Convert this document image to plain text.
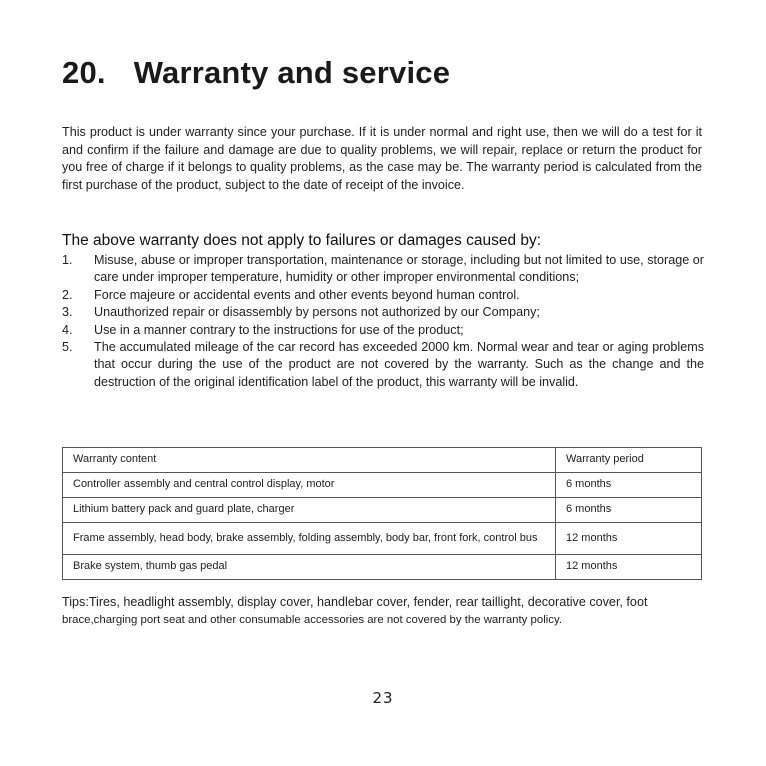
20. Warranty and service

This product is under warranty since your purchase. If it is under normal and right use, then we will do a test for it and confirm if the failure and damage are due to quality problems, we will repair, replace or return the product for you free of charge if it belongs to quality problems, as the case may be. The warranty period is calculated from the first purchase of the product, subject to the date of receipt of the invoice.

The above warranty does not apply to failures or damages caused by:

1. Misuse, abuse or improper transportation, maintenance or storage, including but not limited to use, storage or care under improper temperature, humidity or other improper environmental conditions;
2. Force majeure or accidental events and other events beyond human control.
3. Unauthorized repair or disassembly by persons not authorized by our Company;
4. Use in a manner contrary to the instructions for use of the product;
5. The accumulated mileage of the car record has exceeded 2000 km. Normal wear and tear or aging problems that occur during the use of the product are not covered by the warranty. Such as the change and the destruction of the original identification label of the product, this warranty will be invalid.
Warranty content	Warranty period
Controller assembly and central control display, motor	6 months
Lithium battery pack and guard plate, charger	6 months
Frame assembly, head body, brake assembly, folding assembly, body bar, front fork, control bus	12 months
Brake system, thumb gas pedal	12 months

Tips:Tires, headlight assembly, display cover, handlebar cover, fender, rear taillight, decorative cover, foot
brace,charging port seat and other consumable accessories are not covered by the warranty policy.

23
